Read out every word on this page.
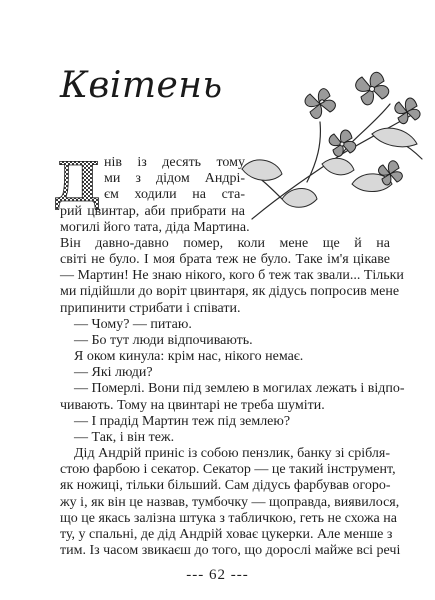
Квітень
Д нів із десять тому
ми з дідом Андрі-
єм ходили на ста-
рий цвинтар, аби прибрати на
могилі його тата, діда Мартина.
Він давно-давно помер, коли мене ще й на
світі не було. І моя брата теж не було. Таке ім'я цікаве
— Мартин! Не знаю нікого, кого б теж так звали... Тільки
ми підійшли до воріт цвинтаря, як дідусь попросив мене
припинити стрибати і співати.
— Чому? — питаю.
— Бо тут люди відпочивають.
Я оком кинула: крім нас, нікого немає.
— Які люди?
— Померлі. Вони під землею в могилах лежать і відпо-
чивають. Тому на цвинтарі не треба шуміти.
— І прадід Мартин теж під землею?
— Так, і він теж.
Дід Андрій приніс із собою пензлик, банку зі срібля-
стою фарбою і секатор. Секатор — це такий інструмент,
як ножиці, тільки більший. Сам дідусь фарбував огоро-
жу і, як він це назвав, тумбочку — щоправда, виявилося,
що це якась залізна штука з табличкою, геть не схожа на
--- 62 ---
ту, у спальні, де дід Андрій ховає цукерки. Але менше з
тим. Із часом звикаєш до того, що дорослі майже всі речі
